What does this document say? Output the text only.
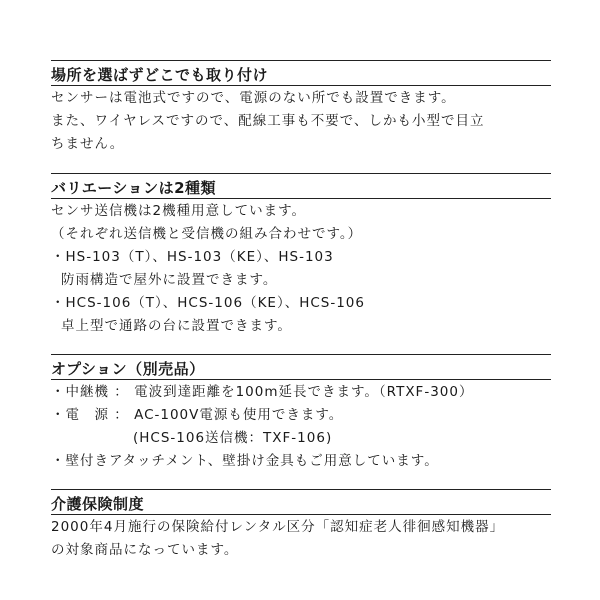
場所を選ばずどこでも取り付け
センサーは電池式ですので、電源のない所でも設置できます。
また、ワイヤレスですので、配線工事も不要で、しかも小型で目立
ちません。
バリエーションは2種類
センサ送信機は2機種用意しています。
（それぞれ送信機と受信機の組み合わせです。）
・HS-103（T）、HS-103（KE）、HS-103
防雨構造で屋外に設置できます。
・HCS-106（T）、HCS-106（KE）、HCS-106
卓上型で通路の台に設置できます。
オプション（別売品）
・中継機 ： 電波到達距離を100m延長できます。（RTXF-300）
・電　源 ： AC-100V電源も使用できます。
(HCS-106送信機：TXF-106)
・壁付きアタッチメント、壁掛け金具もご用意しています。
介護保険制度
2000年4月施行の保険給付レンタル区分「認知症老人徘徊感知機器」
の対象商品になっています。
